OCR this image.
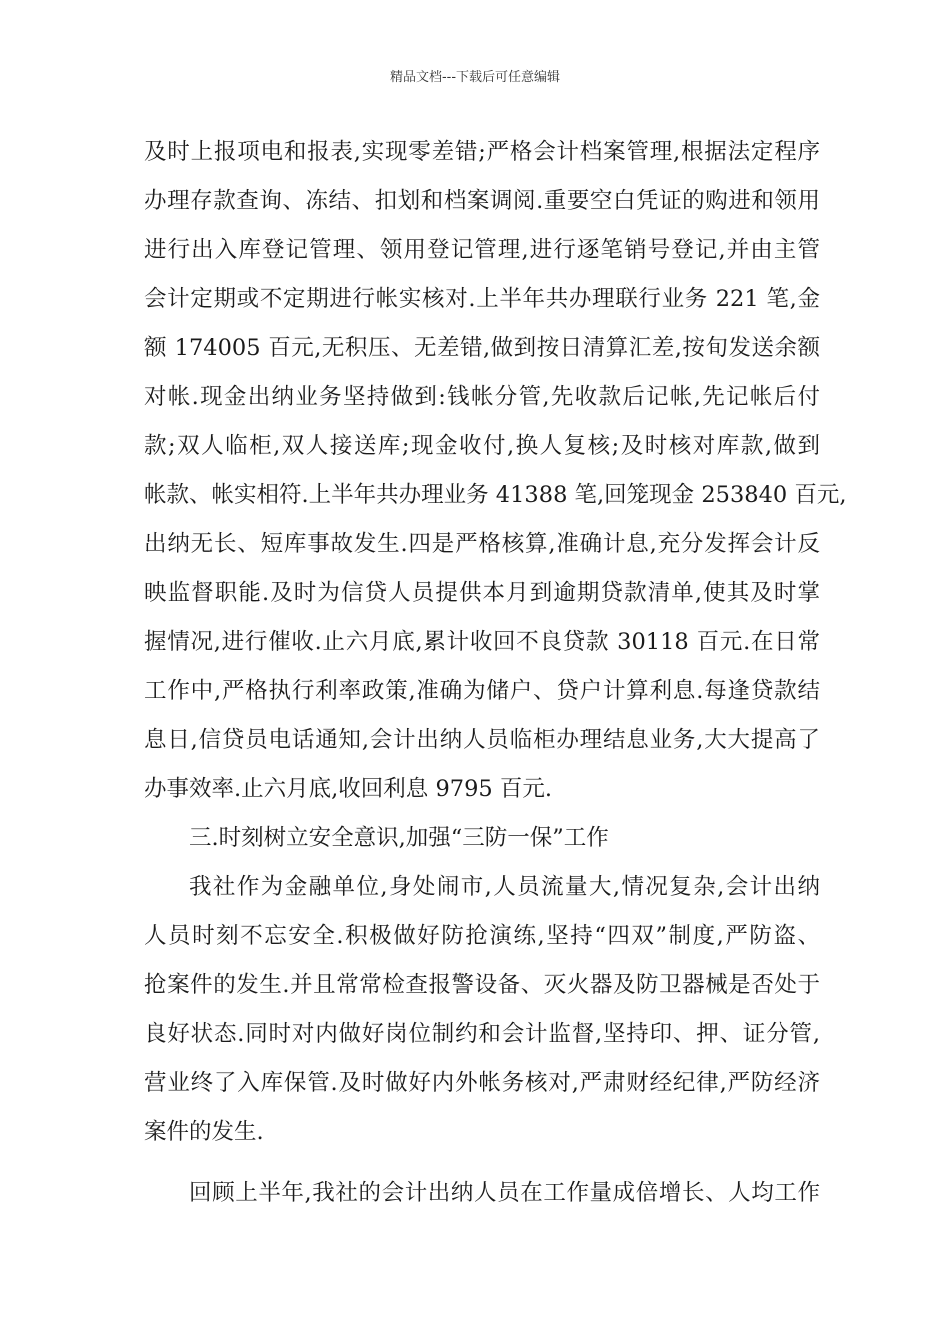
精品文档---下载后可任意编辑
及时上报项电和报表,实现零差错;严格会计档案管理,根据法定程序
办理存款查询、冻结、扣划和档案调阅.重要空白凭证的购进和领用
进行出入库登记管理、领用登记管理,进行逐笔销号登记,并由主管
会计定期或不定期进行帐实核对.上半年共办理联行业务 221 笔,金
额 174005 百元,无积压、无差错,做到按日清算汇差,按旬发送余额
对帐.现金出纳业务坚持做到:钱帐分管,先收款后记帐,先记帐后付
款;双人临柜,双人接送库;现金收付,换人复核;及时核对库款,做到
帐款、帐实相符.上半年共办理业务 41388 笔,回笼现金 253840 百元,
出纳无长、短库事故发生.四是严格核算,准确计息,充分发挥会计反
映监督职能.及时为信贷人员提供本月到逾期贷款清单,使其及时掌
握情况,进行催收.止六月底,累计收回不良贷款 30118 百元.在日常
工作中,严格执行利率政策,准确为储户、贷户计算利息.每逢贷款结
息日,信贷员电话通知,会计出纳人员临柜办理结息业务,大大提高了
办事效率.止六月底,收回利息 9795 百元.
三.时刻树立安全意识,加强“三防一保”工作
我社作为金融单位,身处闹市,人员流量大,情况复杂,会计出纳
人员时刻不忘安全.积极做好防抢演练,坚持“四双”制度,严防盗、
抢案件的发生.并且常常检查报警设备、灭火器及防卫器械是否处于
良好状态.同时对内做好岗位制约和会计监督,坚持印、押、证分管,
营业终了入库保管.及时做好内外帐务核对,严肃财经纪律,严防经济
案件的发生.
回顾上半年,我社的会计出纳人员在工作量成倍增长、人均工作
